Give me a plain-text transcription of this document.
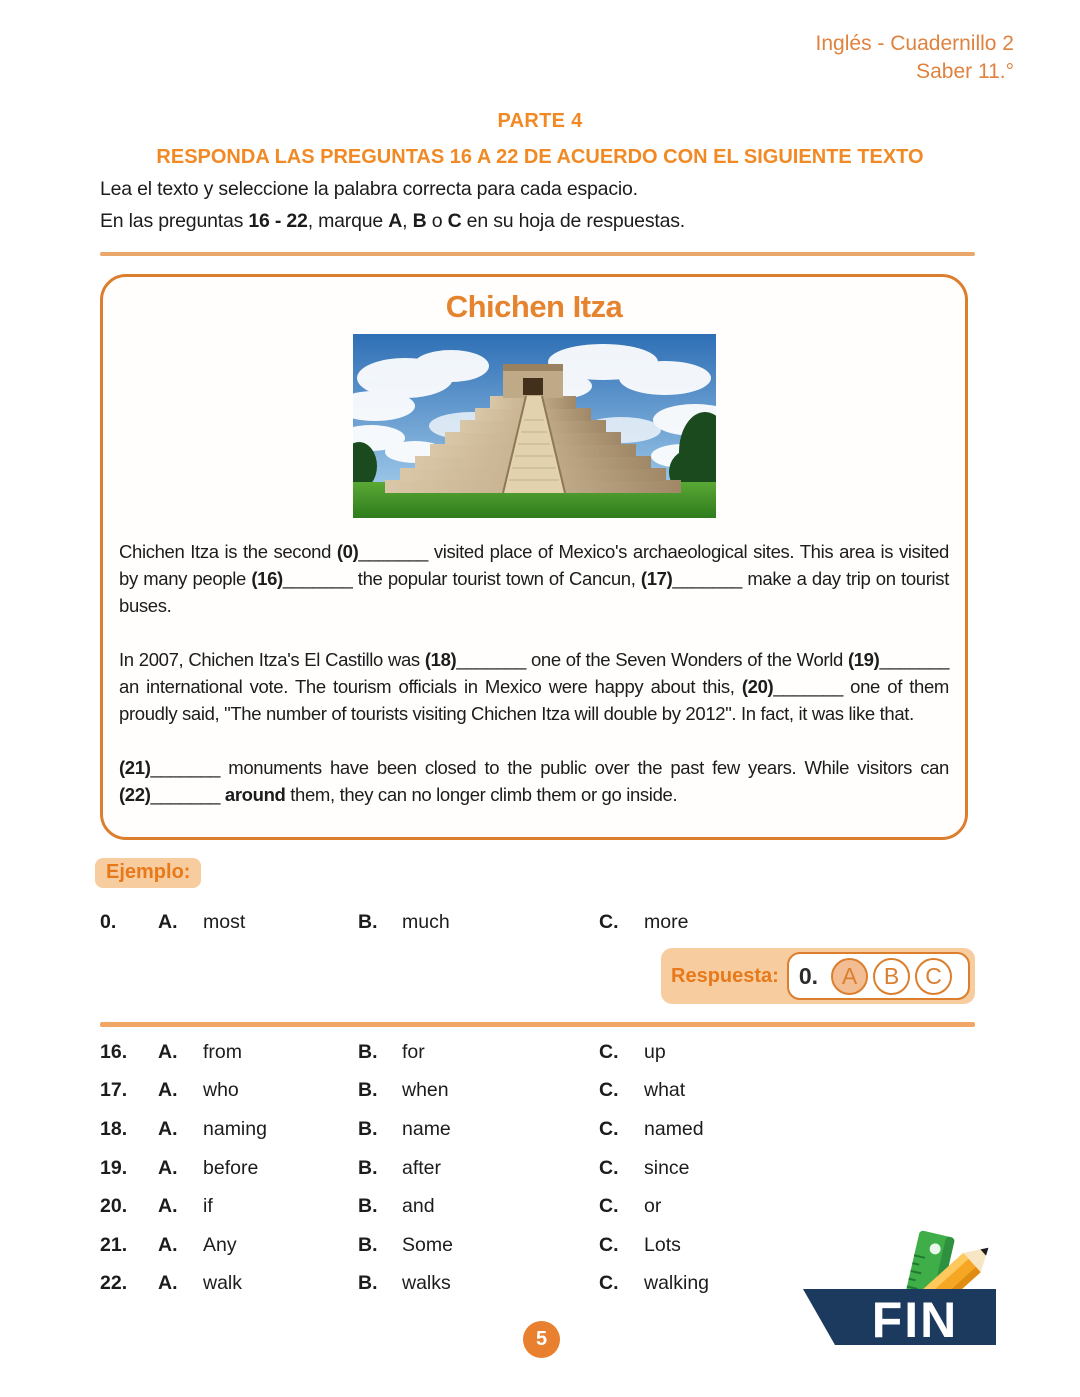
Inglés - Cuadernillo 2
Saber 11.°
PARTE 4
RESPONDA LAS PREGUNTAS 16 A 22 DE ACUERDO CON EL SIGUIENTE TEXTO
Lea el texto y seleccione la palabra correcta para cada espacio.
En las preguntas 16 - 22, marque A, B o C en su hoja de respuestas.
Chichen Itza

Chichen Itza is the second (0)_______ visited place of Mexico's archaeological sites. This area is visited by many people (16)_______ the popular tourist town of Cancun, (17)_______ make a day trip on tourist buses.

In 2007, Chichen Itza's El Castillo was (18)_______ one of the Seven Wonders of the World (19)_______ an international vote. The tourism officials in Mexico were happy about this, (20)_______ one of them proudly said, "The number of tourists visiting Chichen Itza will double by 2012". In fact, it was like that.

(21)_______ monuments have been closed to the public over the past few years. While visitors can (22)_______ around them, they can no longer climb them or go inside.

Ejemplo:
0.	A.	most	B.	much	C.	more
Respuesta: 0.	A	B	C
16.	A.	from	B.	for	C.	up
17.	A.	who	B.	when	C.	what
18.	A.	naming	B.	name	C.	named
19.	A.	before	B.	after	C.	since
20.	A.	if	B.	and	C.	or
21.	A.	Any	B.	Some	C.	Lots
22.	A.	walk	B.	walks	C.	walking
5	FIN
